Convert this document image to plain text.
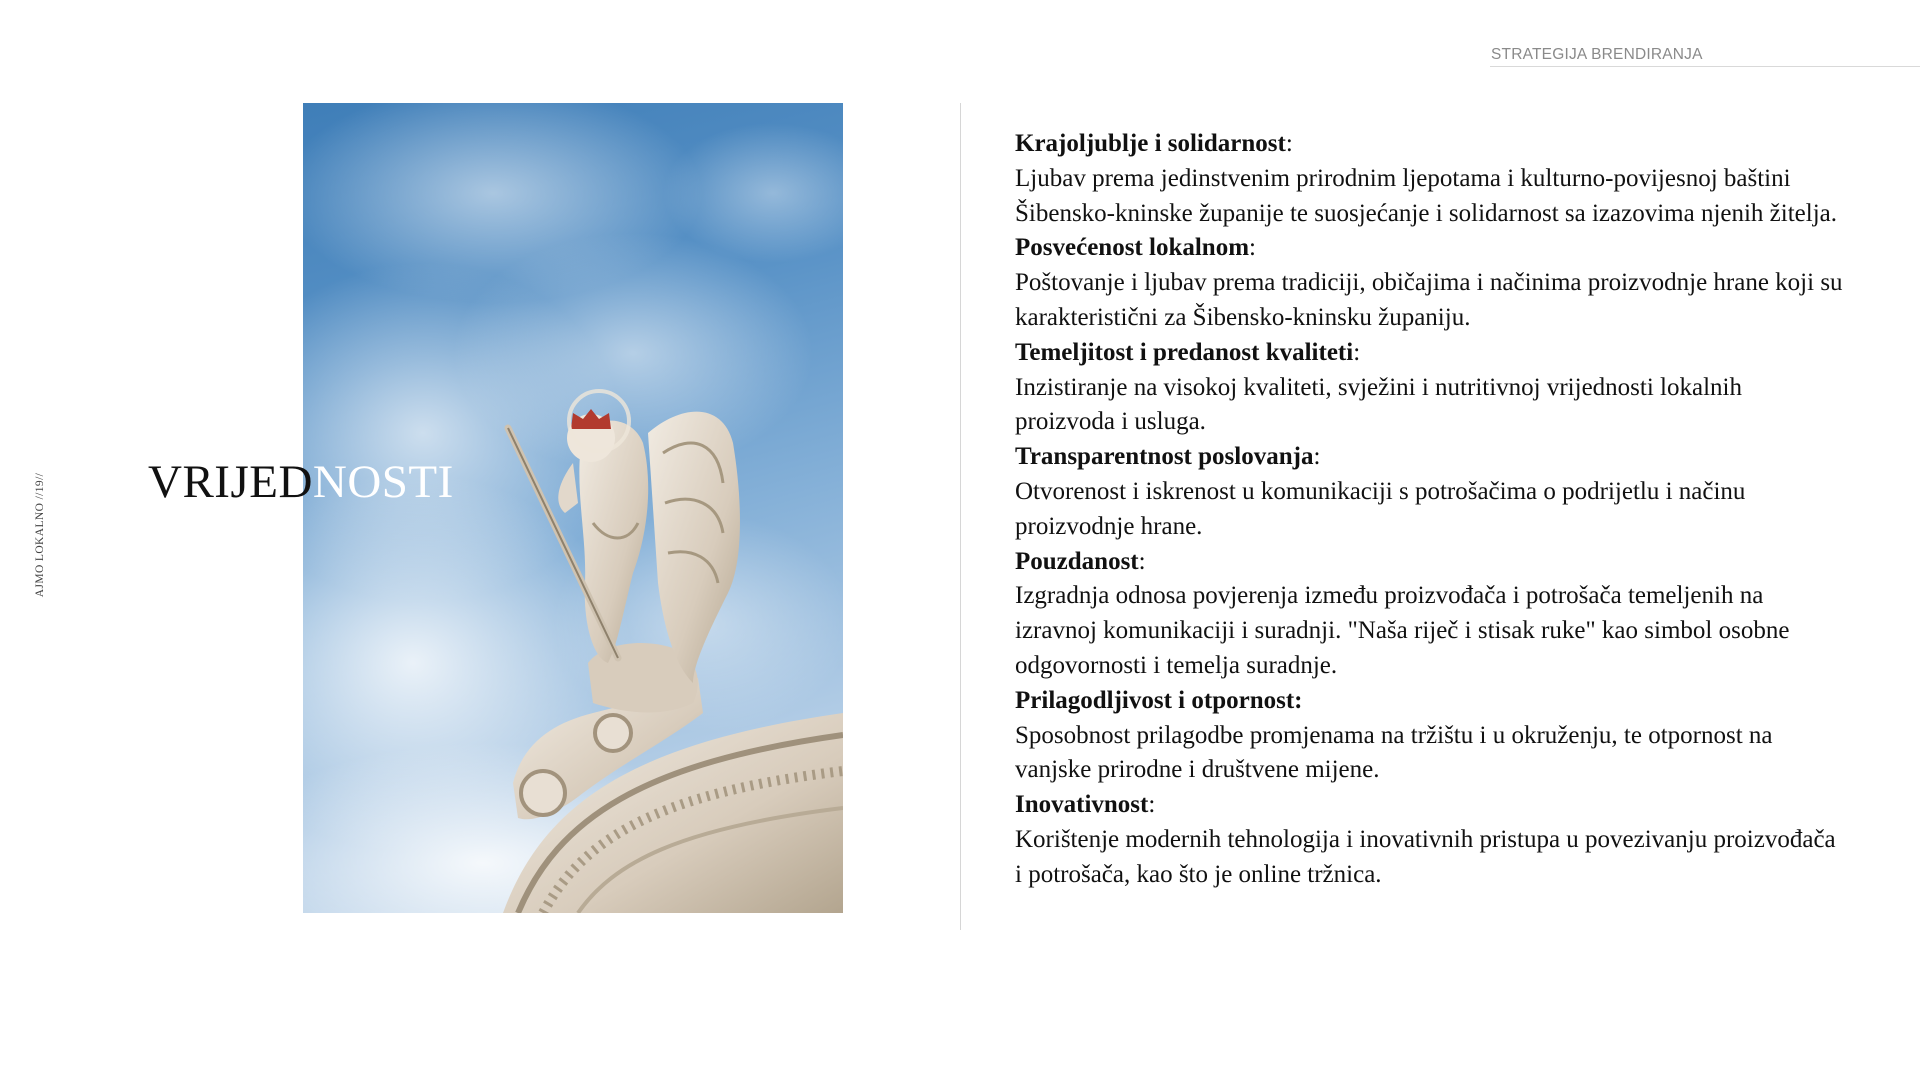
STRATEGIJA BRENDIRANJA
AJMO LOKALNO //19// VRIJEDNOSTI

Krajoljublje i solidarnost:

Ljubav prema jedinstvenim prirodnim ljepotama i kulturno-povijesnoj baštini Šibensko-kninske županije te suosjećanje i solidarnost sa izazovima njenih žitelja.

Posvećenost lokalnom:

Poštovanje i ljubav prema tradiciji, običajima i načinima proizvodnje hrane koji su karakteristični za Šibensko-kninsku županiju.

Temeljitost i predanost kvaliteti:

Inzistiranje na visokoj kvaliteti, svježini i nutritivnoj vrijednosti lokalnih proizvoda i usluga.

Transparentnost poslovanja:

Otvorenost i iskrenost u komunikaciji s potrošačima o podrijetlu i načinu proizvodnje hrane.

Pouzdanost:

Izgradnja odnosa povjerenja između proizvođača i potrošača temeljenih na izravnoj komunikaciji i suradnji. "Naša riječ i stisak ruke" kao simbol osobne odgovornosti i temelja suradnje.

Prilagodljivost i otpornost:

Sposobnost prilagodbe promjenama na tržištu i u okruženju, te otpornost na vanjske prirodne i društvene mijene.

Inovativnost:

Korištenje modernih tehnologija i inovativnih pristupa u povezivanju proizvođača i potrošača, kao što je online tržnica.
